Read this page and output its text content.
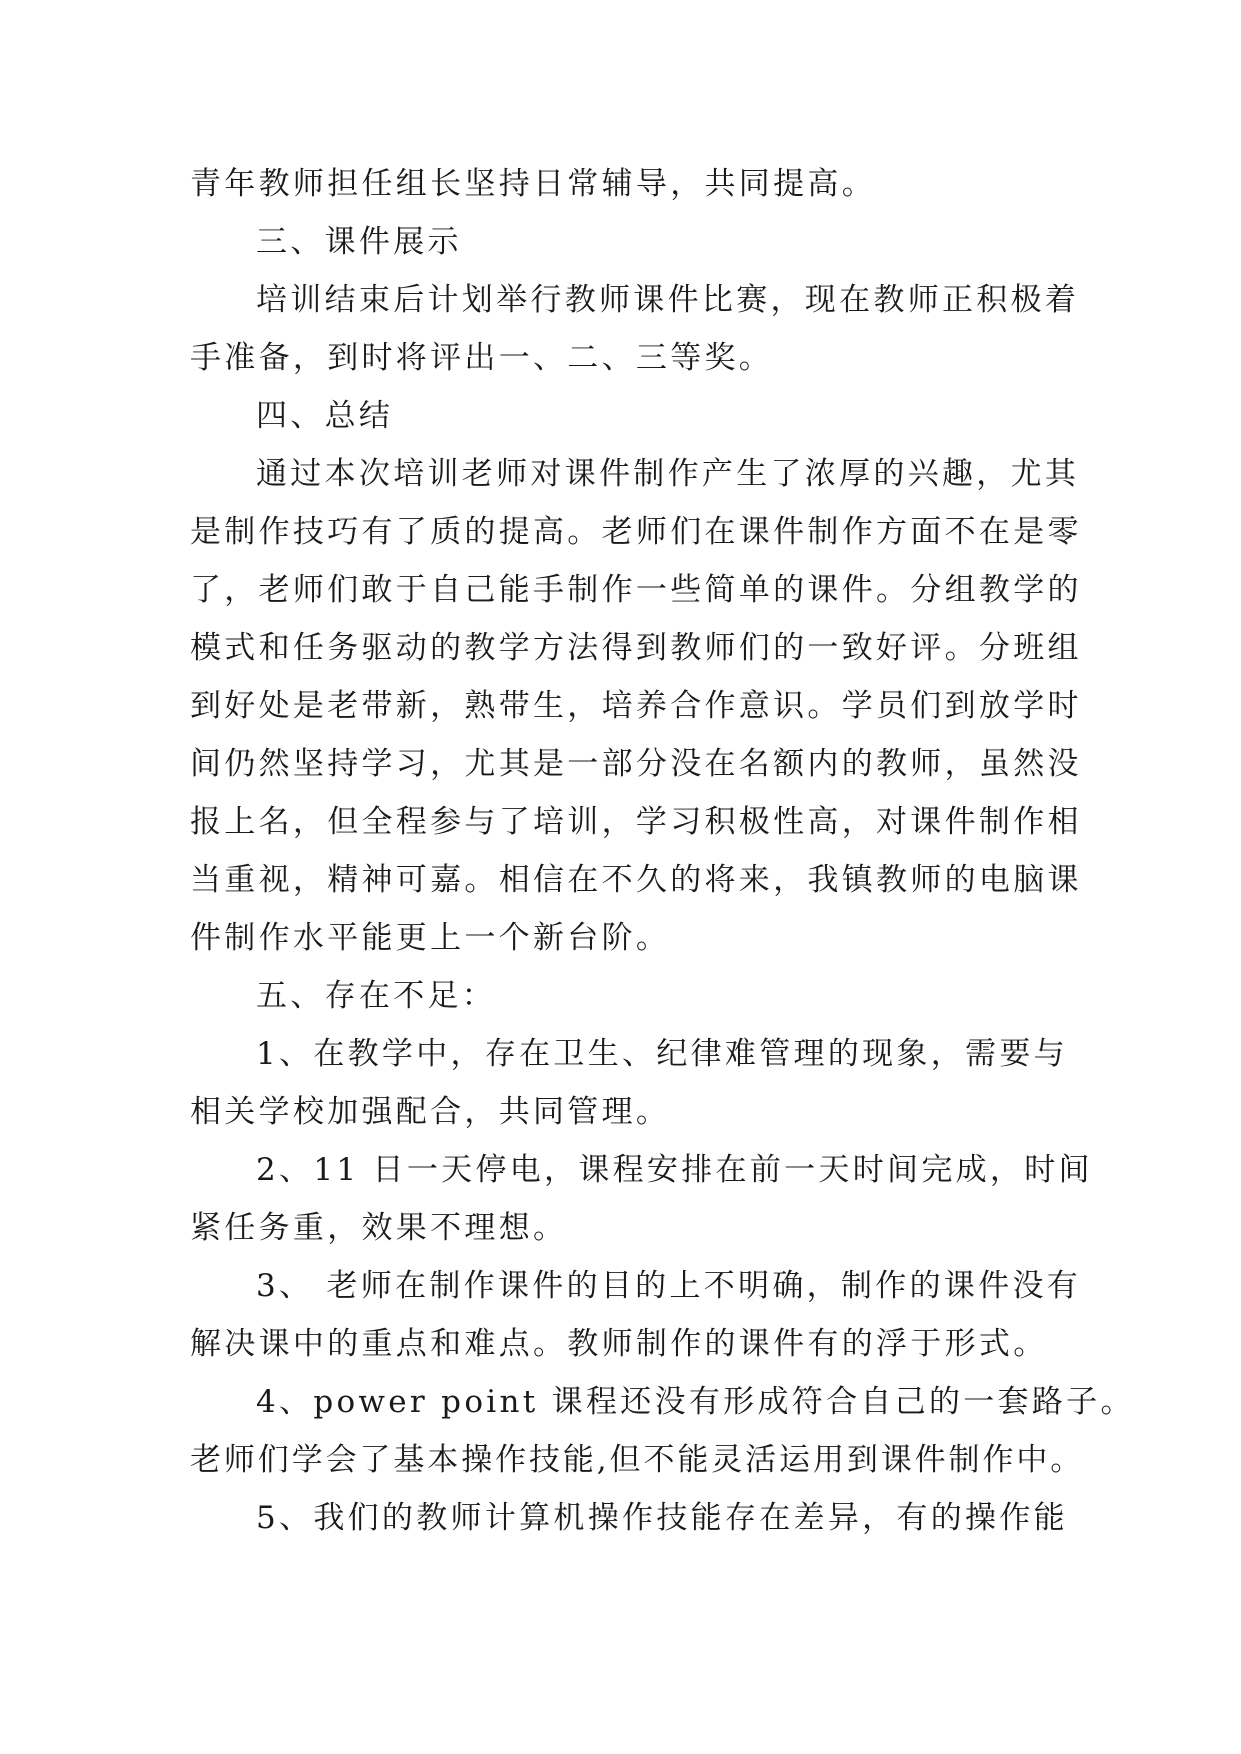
青年教师担任组长坚持日常辅导，共同提高。
三、课件展示
培训结束后计划举行教师课件比赛，现在教师正积极着
手准备，到时将评出一、二、三等奖。
四、总结
通过本次培训老师对课件制作产生了浓厚的兴趣，尤其
是制作技巧有了质的提高。老师们在课件制作方面不在是零
了，老师们敢于自己能手制作一些简单的课件。分组教学的
模式和任务驱动的教学方法得到教师们的一致好评。分班组
到好处是老带新，熟带生，培养合作意识。学员们到放学时
间仍然坚持学习，尤其是一部分没在名额内的教师，虽然没
报上名，但全程参与了培训，学习积极性高，对课件制作相
当重视，精神可嘉。相信在不久的将来，我镇教师的电脑课
件制作水平能更上一个新台阶。
五、存在不足：
1、在教学中，存在卫生、纪律难管理的现象，需要与
相关学校加强配合，共同管理。
2、11 日一天停电，课程安排在前一天时间完成，时间
紧任务重，效果不理想。
3、 老师在制作课件的目的上不明确，制作的课件没有
解决课中的重点和难点。教师制作的课件有的浮于形式。
4、power point 课程还没有形成符合自己的一套路子。
老师们学会了基本操作技能,但不能灵活运用到课件制作中。
5、我们的教师计算机操作技能存在差异，有的操作能
